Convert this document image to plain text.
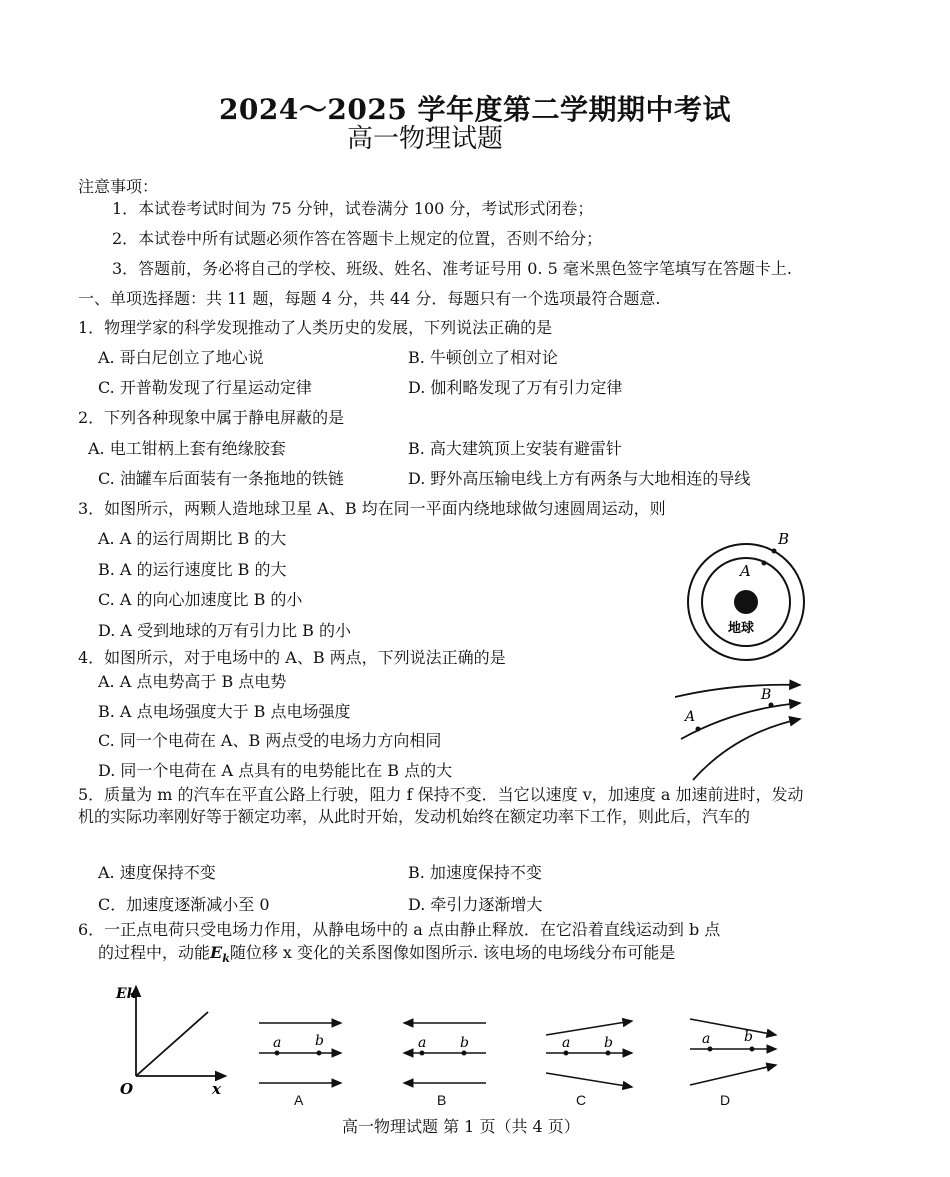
2024～2025 学年度第二学期期中考试
高一物理试题
注意事项：
1．本试卷考试时间为 75 分钟，试卷满分 100 分，考试形式闭卷；
2．本试卷中所有试题必须作答在答题卡上规定的位置，否则不给分；
3．答题前，务必将自己的学校、班级、姓名、准考证号用 0. 5 毫米黑色签字笔填写在答题卡上.
一、单项选择题：共 11 题，每题 4 分，共 44 分．每题只有一个选项最符合题意.
1．物理学家的科学发现推动了人类历史的发展，下列说法正确的是
A. 哥白尼创立了地心说	B. 牛顿创立了相对论
C. 开普勒发现了行星运动定律	D. 伽利略发现了万有引力定律
2．下列各种现象中属于静电屏蔽的是
A. 电工钳柄上套有绝缘胶套	B. 高大建筑顶上安装有避雷针
C. 油罐车后面装有一条拖地的铁链	D. 野外高压输电线上方有两条与大地相连的导线
3．如图所示，两颗人造地球卫星 A、B 均在同一平面内绕地球做匀速圆周运动，则
A. A 的运行周期比 B 的大
B. A 的运行速度比 B 的大
C. A 的向心加速度比 B 的小
D. A 受到地球的万有引力比 B 的小
A
B
地球
4．如图所示，对于电场中的 A、B 两点，下列说法正确的是
A. A 点电势高于 B 点电势
B. A 点电场强度大于 B 点电场强度
C. 同一个电荷在 A、B 两点受的电场力方向相同
D. 同一个电荷在 A 点具有的电势能比在 B 点的大
A
B
5．质量为 m 的汽车在平直公路上行驶，阻力 f 保持不变．当它以速度 v，加速度 a 加速前进时，发动机的实际功率刚好等于额定功率，从此时开始，发动机始终在额定功率下工作，则此后，汽车的
A. 速度保持不变	B. 加速度保持不变
C．加速度逐渐减小至 0	D. 牵引力逐渐增大
6．一正点电荷只受电场力作用，从静电场中的 a 点由静止释放．在它沿着直线运动到 b 点
的过程中，动能$E_k$随位移 x 变化的关系图像如图所示. 该电场的电场线分布可能是
Ek
x
O
a b
A
a b
B
a b
C
a b
D
高一物理试题 第 1 页（共 4 页）
